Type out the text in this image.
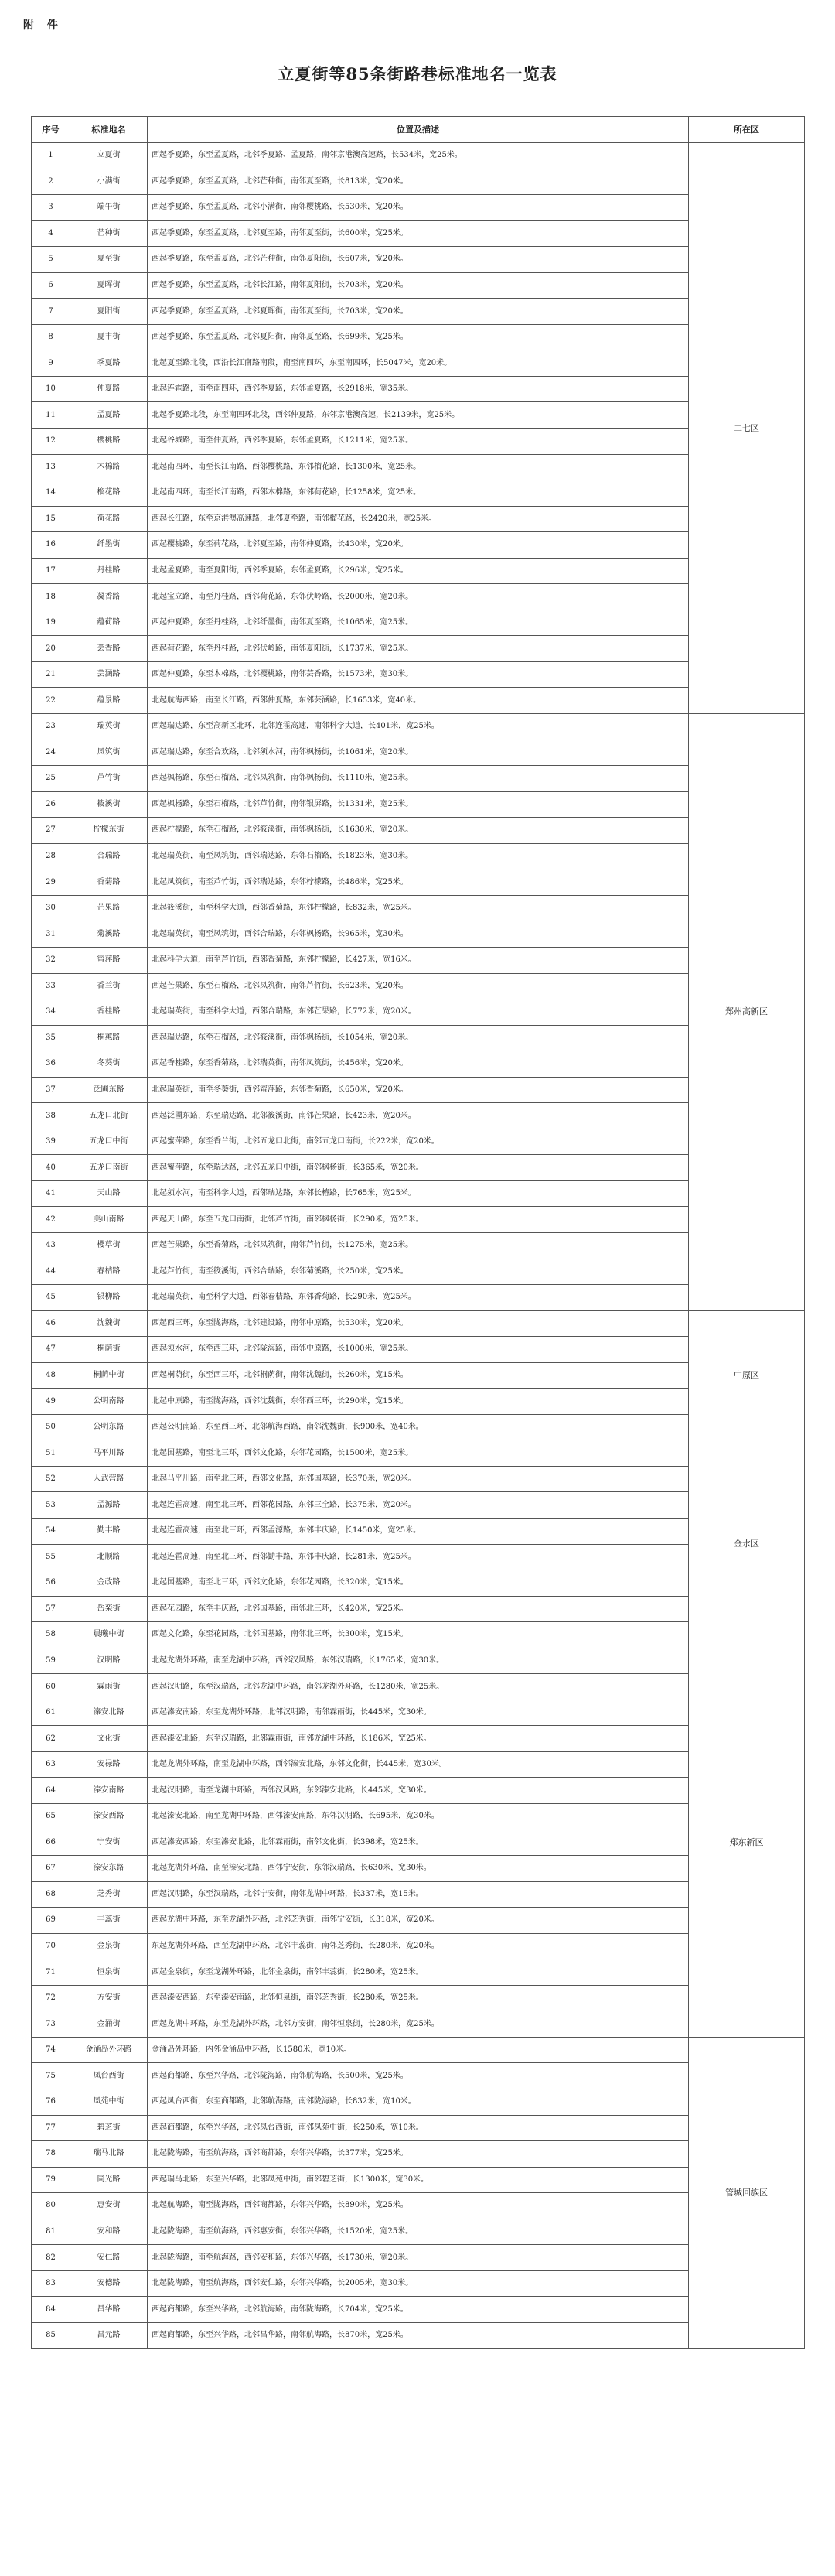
附 件
立夏街等85条街路巷标准地名一览表
序号	标准地名	位置及描述	所在区
1	立夏街	西起季夏路，东至孟夏路，北邻季夏路、孟夏路，南邻京港澳高速路，长534米，宽25米。	二七区
2	小满街	西起季夏路，东至孟夏路，北邻芒种街，南邻夏至路，长813米，宽20米。	
3	端午街	西起季夏路，东至孟夏路，北邻小满街，南邻樱桃路，长530米，宽20米。	
4	芒种街	西起季夏路，东至孟夏路，北邻夏至路，南邻夏至街，长600米，宽25米。	
5	夏至街	西起季夏路，东至孟夏路，北邻芒种街，南邻夏阳街，长607米，宽20米。	
6	夏晖街	西起季夏路，东至孟夏路，北邻长江路，南邻夏阳街，长703米，宽20米。	
7	夏阳街	西起季夏路，东至孟夏路，北邻夏晖街，南邻夏至街，长703米，宽20米。	
8	夏丰街	西起季夏路，东至孟夏路，北邻夏阳街，南邻夏至路，长699米，宽25米。	
9	季夏路	北起夏至路北段，西沿长江南路南段，南至南四环，东至南四环，长5047米，宽20米。	
10	仲夏路	北起连霍路，南至南四环，西邻季夏路，东邻孟夏路，长2918米，宽35米。	
11	孟夏路	北起季夏路北段，东至南四环北段，西邻仲夏路，东邻京港澳高速，长2139米，宽25米。	
12	樱桃路	北起谷城路，南至仲夏路，西邻季夏路，东邻孟夏路，长1211米，宽25米。	
13	木棉路	北起南四环，南至长江南路，西邻樱桃路，东邻榴花路，长1300米，宽25米。	
14	榴花路	北起南四环，南至长江南路，西邻木棉路，东邻荷花路，长1258米，宽25米。	
15	荷花路	西起长江路，东至京港澳高速路，北邻夏至路，南邻榴花路，长2420米，宽25米。	
16	纤墨街	西起樱桃路，东至荷花路，北邻夏至路，南邻仲夏路，长430米，宽20米。	
17	丹桂路	北起孟夏路，南至夏阳街，西邻季夏路，东邻孟夏路，长296米，宽25米。	
18	凝香路	北起宝立路，南至丹桂路，西邻荷花路，东邻伏岭路，长2000米，宽20米。	
19	蕴荷路	西起仲夏路，东至丹桂路，北邻纤墨街，南邻夏至路，长1065米，宽25米。	
20	芸香路	西起荷花路，东至丹桂路，北邻伏岭路，南邻夏阳街，长1737米，宽25米。	
21	芸涵路	西起仲夏路，东至木棉路，北邻樱桃路，南邻芸香路，长1573米，宽30米。	
22	蕴景路	北起航海西路，南至长江路，西邻仲夏路，东邻芸涵路，长1653米，宽40米。	
23	瑞英街	西起瑞达路，东至高新区北环，北邻连霍高速，南邻科学大道，长401米，宽25米。	郑州高新区
24	凤筑街	西起瑞达路，东至合欢路，北邻须水河，南邻枫杨街，长1061米，宽20米。	
25	芦竹街	西起枫杨路，东至石榴路，北邻凤筑街，南邻枫杨街，长1110米，宽25米。	
26	筱溪街	西起枫杨路，东至石榴路，北邻芦竹街，南邻银屏路，长1331米，宽25米。	
27	柠檬东街	西起柠檬路，东至石榴路，北邻筱溪街，南邻枫杨街，长1630米，宽20米。	
28	合瑞路	北起瑞英街，南至凤筑街，西邻瑞达路，东邻石榴路，长1823米，宽30米。	
29	香菊路	北起凤筑街，南至芦竹街，西邻瑞达路，东邻柠檬路，长486米，宽25米。	
30	芒果路	北起筱溪街，南至科学大道，西邻香菊路，东邻柠檬路，长832米，宽25米。	
31	菊溪路	北起瑞英街，南至凤筑街，西邻合瑞路，东邻枫杨路，长965米，宽30米。	
32	蜜萍路	北起科学大道，南至芦竹街，西邻香菊路，东邻柠檬路，长427米，宽16米。	
33	香兰街	西起芒果路，东至石榴路，北邻凤筑街，南邻芦竹街，长623米，宽20米。	
34	香桂路	北起瑞英街，南至科学大道，西邻合瑞路，东邻芒果路，长772米，宽20米。	
35	桐蕙路	西起瑞达路，东至石榴路，北邻筱溪街，南邻枫杨街，长1054米，宽20米。	
36	冬葵街	西起香桂路，东至香菊路，北邻瑞英街，南邻凤筑街，长456米，宽20米。	
37	泛圃东路	北起瑞英街，南至冬葵街，西邻蜜萍路，东邻香菊路，长650米，宽20米。	
38	五龙口北街	西起泛圃东路，东至瑞达路，北邻筱溪街，南邻芒果路，长423米，宽20米。	
39	五龙口中街	西起蜜萍路，东至香兰街，北邻五龙口北街，南邻五龙口南街，长222米，宽20米。	
40	五龙口南街	西起蜜萍路，东至瑞达路，北邻五龙口中街，南邻枫杨街，长365米，宽20米。	
41	天山路	北起须水河，南至科学大道，西邻瑞达路，东邻长椿路，长765米，宽25米。	
42	美山南路	西起天山路，东至五龙口南街，北邻芦竹街，南邻枫杨街，长290米，宽25米。	
43	樱草街	西起芒果路，东至香菊路，北邻凤筑街，南邻芦竹街，长1275米，宽25米。	
44	春桔路	北起芦竹街，南至筱溪街，西邻合瑞路，东邻菊溪路，长250米，宽25米。	
45	银柳路	北起瑞英街，南至科学大道，西邻春桔路，东邻香菊路，长290米，宽25米。	
46	沈魏街	西起西三环，东至陇海路，北邻建设路，南邻中原路，长530米，宽20米。	中原区
47	桐荫街	西起须水河，东至西三环，北邻陇海路，南邻中原路，长1000米，宽25米。	
48	桐荫中街	西起桐荫街，东至西三环，北邻桐荫街，南邻沈魏街，长260米，宽15米。	
49	公明南路	北起中原路，南至陇海路，西邻沈魏街，东邻西三环，长290米，宽15米。	
50	公明东路	西起公明南路，东至西三环，北邻航海西路，南邻沈魏街，长900米，宽40米。	
51	马平川路	北起国基路，南至北三环，西邻文化路，东邻花园路，长1500米，宽25米。	金水区
52	人武营路	北起马平川路，南至北三环，西邻文化路，东邻国基路，长370米，宽20米。	
53	孟源路	北起连霍高速，南至北三环，西邻花园路，东邻三全路，长375米，宽20米。	
54	勤丰路	北起连霍高速，南至北三环，西邻孟源路，东邻丰庆路，长1450米，宽25米。	
55	北顺路	北起连霍高速，南至北三环，西邻勤丰路，东邻丰庆路，长281米，宽25米。	
56	金政路	北起国基路，南至北三环，西邻文化路，东邻花园路，长320米，宽15米。	
57	岳栾街	西起花园路，东至丰庆路，北邻国基路，南邻北三环，长420米，宽25米。	
58	晨曦中街	西起文化路，东至花园路，北邻国基路，南邻北三环，长300米，宽15米。	
59	汉明路	北起龙湖外环路，南至龙湖中环路，西邻汉风路，东邻汉瑞路，长1765米，宽30米。	郑东新区
60	霖雨街	西起汉明路，东至汉瑞路，北邻龙湖中环路，南邻龙湖外环路，长1280米，宽25米。	
61	溱安北路	西起溱安南路，东至龙湖外环路，北邻汉明路，南邻霖雨街，长445米，宽30米。	
62	文化街	西起溱安北路，东至汉瑞路，北邻霖雨街，南邻龙湖中环路，长186米，宽25米。	
63	安禄路	北起龙湖外环路，南至龙湖中环路，西邻溱安北路，东邻文化街，长445米，宽30米。	
64	溱安南路	北起汉明路，南至龙湖中环路，西邻汉风路，东邻溱安北路，长445米，宽30米。	
65	溱安西路	北起溱安北路，南至龙湖中环路，西邻溱安南路，东邻汉明路，长695米，宽30米。	
66	宁安街	西起溱安西路，东至溱安北路，北邻霖雨街，南邻文化街，长398米，宽25米。	
67	溱安东路	北起龙湖外环路，南至溱安北路，西邻宁安街，东邻汉瑞路，长630米，宽30米。	
68	芝秀街	西起汉明路，东至汉瑞路，北邻宁安街，南邻龙湖中环路，长337米，宽15米。	
69	丰蕊街	西起龙湖中环路，东至龙湖外环路，北邻芝秀街，南邻宁安街，长318米，宽20米。	
70	金泉街	东起龙湖外环路，西至龙湖中环路，北邻丰蕊街，南邻芝秀街，长280米，宽20米。	
71	恒泉街	西起金泉街，东至龙湖外环路，北邻金泉街，南邻丰蕊街，长280米，宽25米。	
72	方安街	西起溱安西路，东至溱安南路，北邻恒泉街，南邻芝秀街，长280米，宽25米。	
73	金涌街	西起龙湖中环路，东至龙湖外环路，北邻方安街，南邻恒泉街，长280米，宽25米。	
74	金涌岛外环路	金涌岛外环路，内邻金涌岛中环路，长1580米，宽10米。	管城回族区
75	凤台西街	西起商都路，东至兴华路，北邻陇海路，南邻航海路，长500米，宽25米。	
76	凤苑中街	西起凤台西街，东至商都路，北邻航海路，南邻陇海路，长832米，宽10米。	
77	碧芝街	西起商都路，东至兴华路，北邻凤台西街，南邻凤苑中街，长250米，宽10米。	
78	瑞马北路	北起陇海路，南至航海路，西邻商都路，东邻兴华路，长377米，宽25米。	
79	同光路	西起瑞马北路，东至兴华路，北邻凤苑中街，南邻碧芝街，长1300米，宽30米。	
80	惠安街	北起航海路，南至陇海路，西邻商都路，东邻兴华路，长890米，宽25米。	
81	安和路	北起陇海路，南至航海路，西邻惠安街，东邻兴华路，长1520米，宽25米。	
82	安仁路	北起陇海路，南至航海路，西邻安和路，东邻兴华路，长1730米，宽20米。	
83	安德路	北起陇海路，南至航海路，西邻安仁路，东邻兴华路，长2005米，宽30米。	
84	昌华路	西起商都路，东至兴华路，北邻航海路，南邻陇海路，长704米，宽25米。	
85	昌元路	西起商都路，东至兴华路，北邻昌华路，南邻航海路，长870米，宽25米。	
